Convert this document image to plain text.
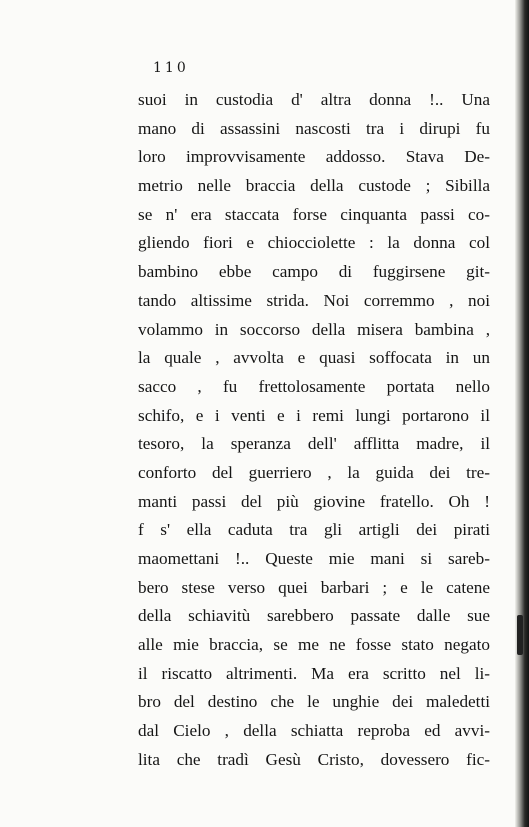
110
suoi in custodia d' altra donna !.. Una
mano di assassini nascosti tra i dirupi fu
loro improvvisamente addosso. Stava De-
metrio nelle braccia della custode ; Sibilla
se n' era staccata forse cinquanta passi co-
gliendo fiori e chiocciolette : la donna col
bambino ebbe campo di fuggirsene git-
tando altissime strida. Noi corremmo , noi
volammo in soccorso della misera bambina ,
la quale , avvolta e quasi soffocata in un
sacco , fu frettolosamente portata nello
schifo, e i venti e i remi lungi portarono il
tesoro, la speranza dell' afflitta madre, il
conforto del guerriero , la guida dei tre-
manti passi del più giovine fratello. Oh !
f s' ella caduta tra gli artigli dei pirati
maomettani !.. Queste mie mani si sareb-
bero stese verso quei barbari ; e le catene
della schiavitù sarebbero passate dalle sue
alle mie braccia, se me ne fosse stato negato
il riscatto altrimenti. Ma era scritto nel li-
bro del destino che le unghie dei maledetti
dal Cielo , della schiatta reproba ed avvi-
lita che tradì Gesù Cristo, dovessero fic-
